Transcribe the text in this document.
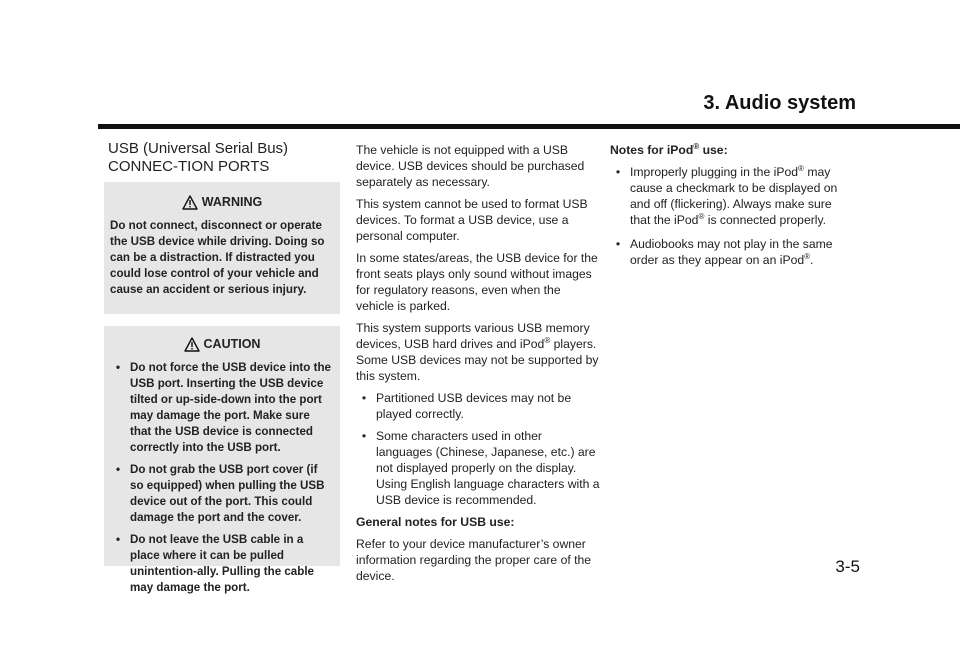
3. Audio system
USB (Universal Serial Bus) CONNEC-TION PORTS
WARNING
Do not connect, disconnect or operate the USB device while driving. Doing so can be a distraction. If distracted you could lose control of your vehicle and cause an accident or serious injury.
CAUTION
• Do not force the USB device into the USB port. Inserting the USB device tilted or up-side-down into the port may damage the port. Make sure that the USB device is connected correctly into the USB port.
• Do not grab the USB port cover (if so equipped) when pulling the USB device out of the port. This could damage the port and the cover.
• Do not leave the USB cable in a place where it can be pulled unintention-ally. Pulling the cable may damage the port.

The vehicle is not equipped with a USB device. USB devices should be purchased separately as necessary.

This system cannot be used to format USB devices. To format a USB device, use a personal computer.

In some states/areas, the USB device for the front seats plays only sound without images for regulatory reasons, even when the vehicle is parked.

This system supports various USB memory devices, USB hard drives and iPod® players. Some USB devices may not be supported by this system.

• Partitioned USB devices may not be played correctly.
• Some characters used in other languages (Chinese, Japanese, etc.) are not displayed properly on the display. Using English language characters with a USB device is recommended.
General notes for USB use:

Refer to your device manufacturer’s owner information regarding the proper care of the device.

Notes for iPod® use:
• Improperly plugging in the iPod® may cause a checkmark to be displayed on and off (flickering). Always make sure that the iPod® is connected properly.
• Audiobooks may not play in the same order as they appear on an iPod®.
3-5
